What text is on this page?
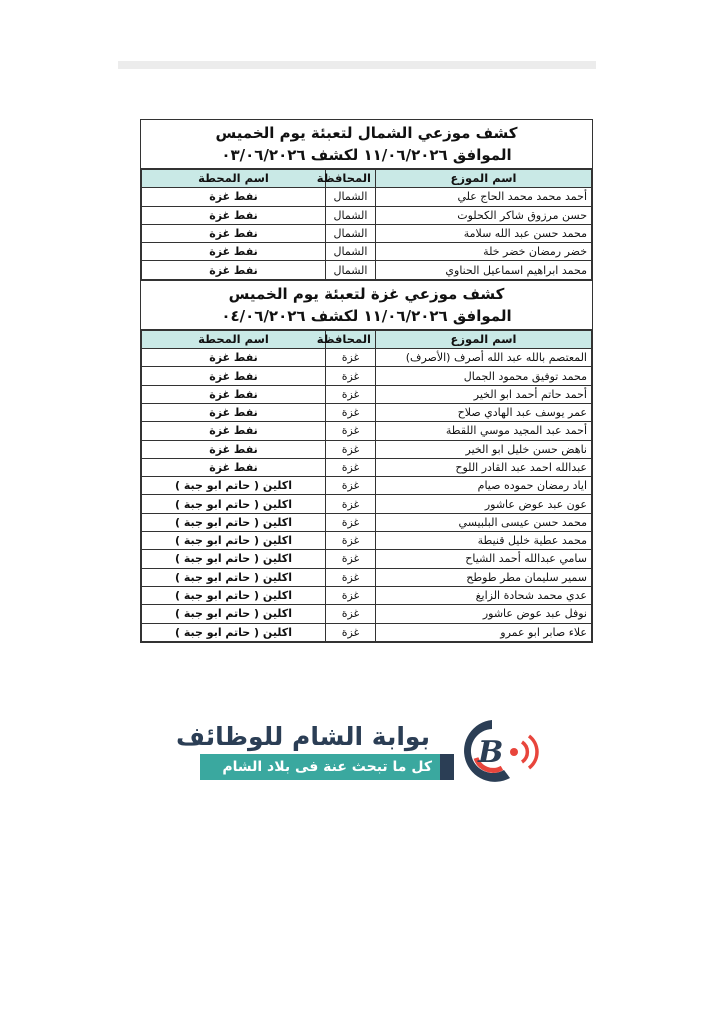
كشف موزعي الشمال لتعبئة يوم الخميس
الموافق ١١/٠٦/٢٠٢٦ لكشف ٠٣/٠٦/٢٠٢٦
اسم الموزع	المحافظة	اسم المحطة
أحمد محمد محمد الحاج علي	الشمال	نفط غزة
حسن مرزوق شاكر الكحلوت	الشمال	نفط غزة
محمد حسن عبد الله سلامة	الشمال	نفط غزة
خضر رمضان خضر خلة	الشمال	نفط غزة
محمد ابراهيم اسماعيل الحناوي	الشمال	نفط غزة
كشف موزعي غزة لتعبئة يوم الخميس
الموافق ١١/٠٦/٢٠٢٦ لكشف ٠٤/٠٦/٢٠٢٦
اسم الموزع	المحافظة	اسم المحطة
المعتصم بالله عبد الله أصرف (الأصرف)	غزة	نفط غزة
محمد توفيق محمود الجمال	غزة	نفط غزة
أحمد حاتم أحمد ابو الخير	غزة	نفط غزة
عمر يوسف عبد الهادي صلاح	غزة	نفط غزة
أحمد عبد المجيد موسي اللقطة	غزة	نفط غزة
ناهض حسن خليل ابو الخير	غزة	نفط غزة
عبدالله احمد عبد القادر اللوح	غزة	نفط غزة
اياد رمضان حموده صيام	غزة	اكلين ( حاتم ابو جبة )
عون عبد عوض عاشور	غزة	اكلين ( حاتم ابو جبة )
محمد حسن عيسى البلبيسي	غزة	اكلين ( حاتم ابو جبة )
محمد عطية خليل قنيطة	غزة	اكلين ( حاتم ابو جبة )
سامي عبدالله أحمد الشياح	غزة	اكلين ( حاتم ابو جبة )
سمير سليمان مطر طوطح	غزة	اكلين ( حاتم ابو جبة )
عدي محمد شحادة الزايغ	غزة	اكلين ( حاتم ابو جبة )
نوفل عبد عوض عاشور	غزة	اكلين ( حاتم ابو جبة )
علاء صابر ابو عمرو	غزة	اكلين ( حاتم ابو جبة )
بوابة الشام للوظائف
كل ما تبحث عنة فى بلاد الشام	B
